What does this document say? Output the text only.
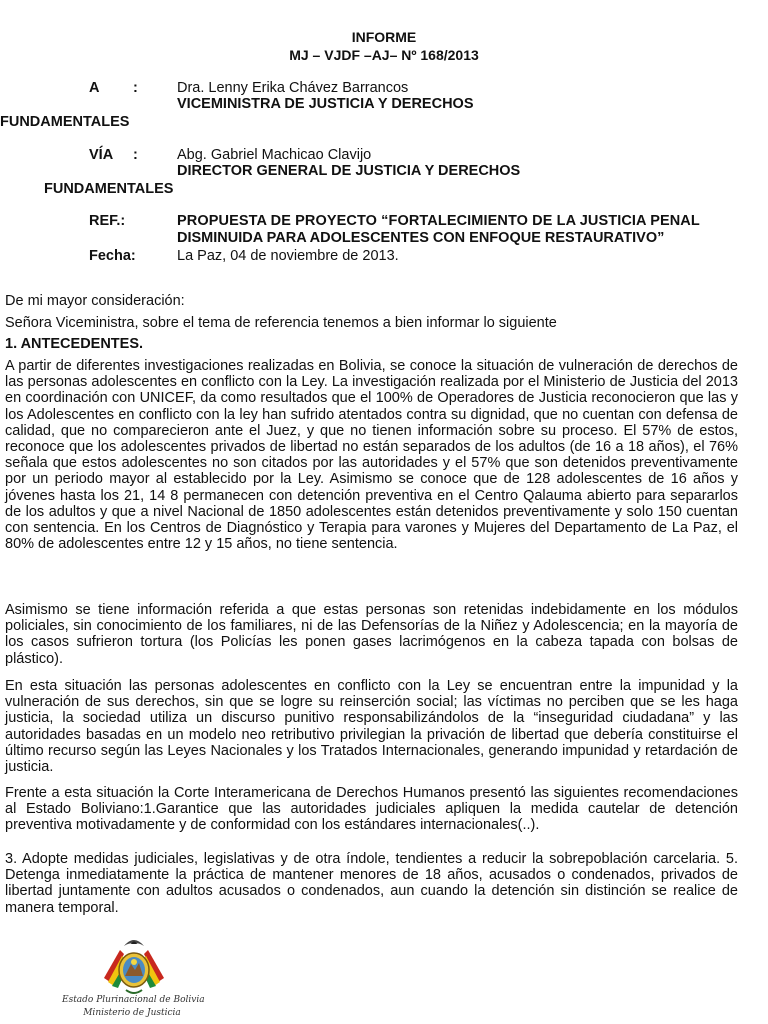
INFORME
MJ – VJDF –AJ– Nº 168/2013
A :	Dra. Lenny Erika Chávez Barrancos
VICEMINISTRA DE JUSTICIA Y DERECHOS
FUNDAMENTALES
VÍA :	Abg. Gabriel Machicao Clavijo
DIRECTOR GENERAL DE JUSTICIA Y DERECHOS
FUNDAMENTALES
REF.:	PROPUESTA DE PROYECTO “FORTALECIMIENTO DE LA JUSTICIA PENAL
DISMINUIDA PARA ADOLESCENTES CON ENFOQUE RESTAURATIVO”
Fecha:	La Paz, 04 de noviembre de 2013.
De mi mayor consideración:
Señora Viceministra, sobre el tema de referencia tenemos a bien informar lo siguiente
1. ANTECEDENTES.
A partir de diferentes investigaciones realizadas en Bolivia, se conoce la situación de vulneración de derechos de las personas adolescentes en conflicto con la Ley. La investigación realizada por el Ministerio de Justicia del 2013 en coordinación con UNICEF, da como resultados que el 100% de Operadores de Justicia reconocieron que las y los Adolescentes en conflicto con la ley han sufrido atentados contra su dignidad, que no cuentan con defensa de calidad, que no comparecieron ante el Juez, y que no tienen información sobre su proceso. El 57% de estos, reconoce que los adolescentes privados de libertad no están separados de los adultos (de 16 a 18 años), el 76% señala que estos adolescentes no son citados por las autoridades y el 57% que son detenidos preventivamente por un periodo mayor al establecido por la Ley. Asimismo se conoce que de 128 adolescentes de 16 años y jóvenes hasta los 21, 14 8 permanecen con detención preventiva en el Centro Qalauma abierto para separarlos de los adultos y que a nivel Nacional de 1850 adolescentes están detenidos preventivamente y solo 150 cuentan con sentencia. En los Centros de Diagnóstico y Terapia para varones y Mujeres del Departamento de La Paz, el 80% de adolescentes entre 12 y 15 años, no tiene sentencia.
Asimismo se tiene información referida a que estas personas son retenidas indebidamente en los módulos policiales, sin conocimiento de los familiares, ni de las Defensorías de la Niñez y Adolescencia; en la mayoría de los casos sufrieron tortura (los Policías les ponen gases lacrimógenos en la cabeza tapada con bolsas de plástico).
En esta situación las personas adolescentes en conflicto con la Ley se encuentran entre la impunidad y la vulneración de sus derechos, sin que se logre su reinserción social; las víctimas no perciben que se les haga justicia, la sociedad utiliza un discurso punitivo responsabilizándolos de la “inseguridad ciudadana” y las autoridades basadas en un modelo neo retributivo privilegian la privación de libertad que debería constituirse el último recurso según las Leyes Nacionales y los Tratados Internacionales, generando impunidad y retardación de justicia.
Frente a esta situación la Corte Interamericana de Derechos Humanos presentó las siguientes recomendaciones al Estado Boliviano:1.Garantice que las autoridades judiciales apliquen la medida cautelar de detención preventiva motivadamente y de conformidad con los estándares internacionales(..).
3. Adopte medidas judiciales, legislativas y de otra índole, tendientes a reducir la sobrepoblación carcelaria. 5. Detenga inmediatamente la práctica de mantener menores de 18 años, acusados o condenados, privados de libertad juntamente con adultos acusados o condenados, aun cuando la detención sin distinción se realice de manera temporal.
Estado Plurinacional de Bolivia
Ministerio de Justicia
